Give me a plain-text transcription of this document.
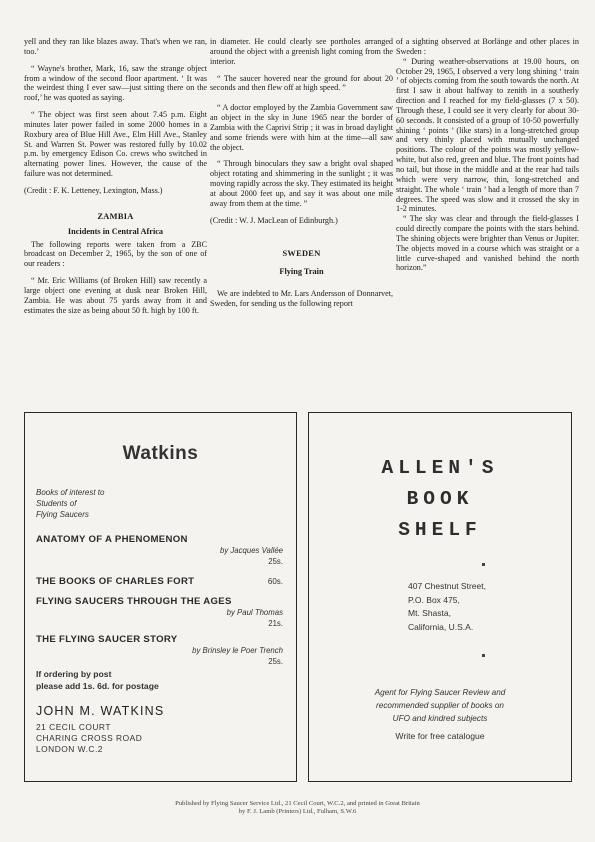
yell and they ran like blazes away. That's when we ran, too.’

“ Wayne's brother, Mark, 16, saw the strange object from a window of the second floor apartment. ‘ It was the weirdest thing I ever saw—just sitting there on the roof,’ he was quoted as saying.

“ The object was first seen about 7.45 p.m. Eight minutes later power failed in some 2000 homes in a Roxbury area of Blue Hill Ave., Elm Hill Ave., Stanley St. and Warren St. Power was restored fully by 10.02 p.m. by emergency Edison Co. crews who switched in alternating power lines. However, the cause of the failure was not determined.

(Credit : F. K. Letteney, Lexington, Mass.)

ZAMBIA
Incidents in Central Africa

The following reports were taken from a ZBC broadcast on December 2, 1965, by the son of one of our readers :

“ Mr. Eric Williams (of Broken Hill) saw recently a large object one evening at dusk near Broken Hill, Zambia. He was about 75 yards away from it and estimates the size as being about 50 ft. high by 100 ft.

in diameter. He could clearly see portholes arranged around the object with a greenish light coming from the interior.

“ The saucer hovered near the ground for about 20 seconds and then flew off at high speed. ”

“ A doctor employed by the Zambia Government saw an object in the sky in June 1965 near the border of Zambia with the Caprivi Strip ; it was in broad daylight and some friends were with him at the time—all saw the object.

“ Through binoculars they saw a bright oval shaped object rotating and shimmering in the sunlight ; it was moving rapidly across the sky. They estimated its height at about 2000 feet up, and say it was about one mile away from them at the time. ”

(Credit : W. J. MacLean of Edinburgh.)

SWEDEN
Flying Train

We are indebted to Mr. Lars Andersson of Donnarvet, Sweden, for sending us the following report

of a sighting observed at Borlänge and other places in Sweden :

“ During weather-observations at 19.00 hours, on October 29, 1965, I observed a very long shining ‘ train ’ of objects coming from the south towards the north. At first I saw it about halfway to zenith in a southerly direction and I reached for my field-glasses (7 x 50). Through these, I could see it very clearly for about 30-60 seconds. It consisted of a group of 10-50 powerfully shining ‘ points ’ (like stars) in a long-stretched group and very thinly placed with mutually unchanged positions. The colour of the points was mostly yellow-white, but also red, green and blue. The front points had no tail, but those in the middle and at the rear had tails which were very narrow, thin, long-stretched and straight. The whole ‘ train ’ had a length of more than 7 degrees. The speed was slow and it crossed the sky in 1-2 minutes.

“ The sky was clear and through the field-glasses I could directly compare the points with the stars behind. The shining objects were brighter than Venus or Jupiter. The objects moved in a course which was straight or a little curve-shaped and vanished behind the north horizon.”

Watkins
Books of interest to
Students of
Flying Saucers
ANATOMY OF A PHENOMENON
by Jacques Vallée
25s.
THE BOOKS OF CHARLES FORT	60s.
FLYING SAUCERS THROUGH THE AGES
by Paul Thomas
21s.
THE FLYING SAUCER STORY
by Brinsley le Poer Trench
25s.
If ordering by post
please add 1s. 6d. for postage
JOHN M. WATKINS
21 CECIL COURT
CHARING CROSS ROAD
LONDON W.C.2
ALLEN'S
BOOK
SHELF
407 Chestnut Street,
P.O. Box 475,
Mt. Shasta,
California, U.S.A.
Agent for Flying Saucer Review and
recommended supplier of books on
UFO and kindred subjects
Write for free catalogue
Published by Flying Saucer Service Ltd., 21 Cecil Court, W.C.2, and printed in Great Britain
by F. J. Lamb (Printers) Ltd., Fulham, S.W.6
